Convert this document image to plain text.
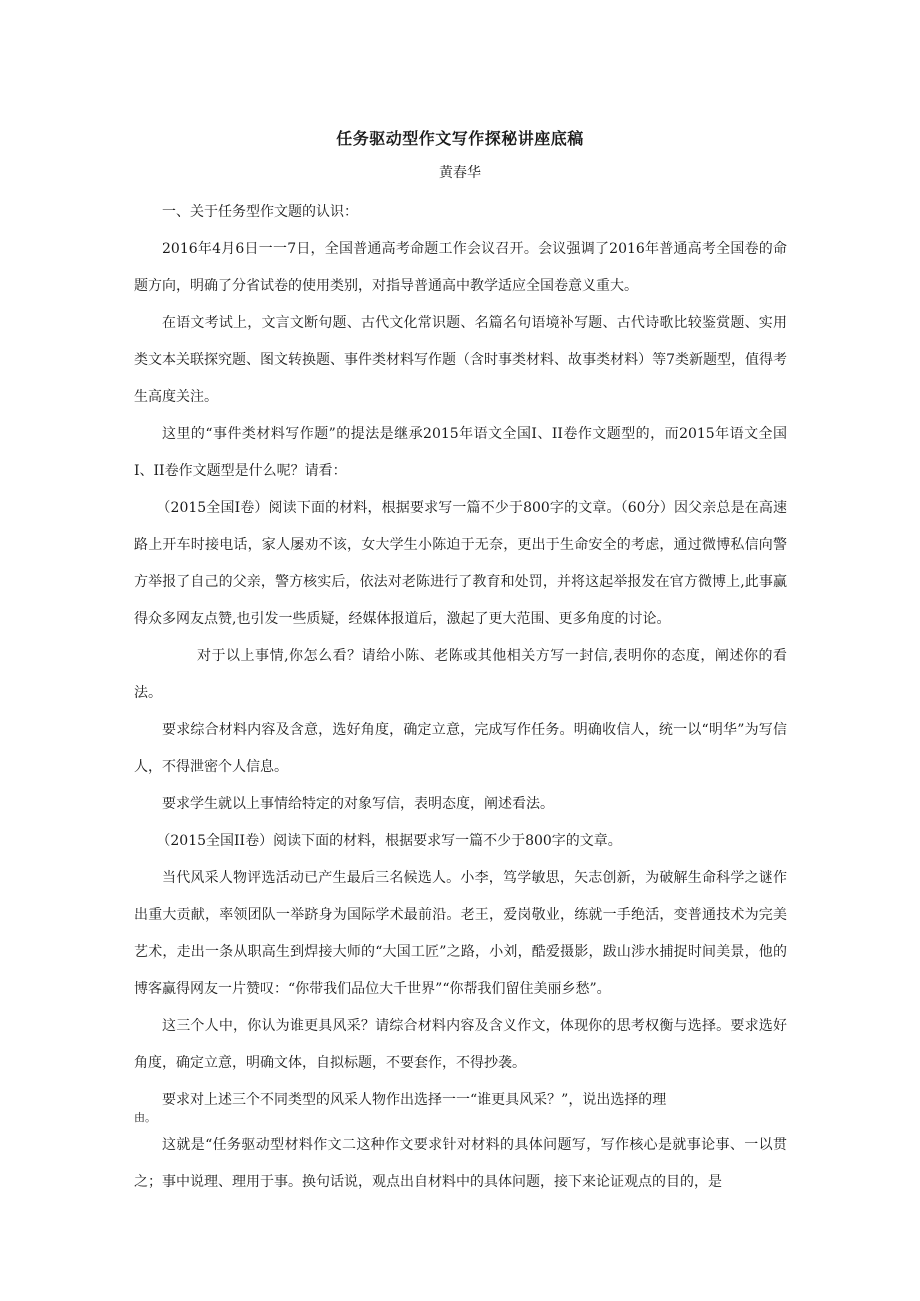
任务驱动型作文写作探秘讲座底稿
黄春华

一、关于任务型作文题的认识：

2016年4月6日一一7日，全国普通高考命题工作会议召开。会议强调了2016年普通高考全国卷的命题方向，明确了分省试卷的使用类别，对指导普通高中教学适应全国卷意义重大。

在语文考试上，文言文断句题、古代文化常识题、名篇名句语境补写题、古代诗歌比较鉴赏题、实用类文本关联探究题、图文转换题、事件类材料写作题（含时事类材料、故事类材料）等7类新题型，值得考生高度关注。

这里的“事件类材料写作题”的提法是继承2015年语文全国I、II卷作文题型的，而2015年语文全国I、II卷作文题型是什么呢？请看：

（2015全国I卷）阅读下面的材料，根据要求写一篇不少于800字的文章。（60分）因父亲总是在高速路上开车时接电话，家人屡劝不该，女大学生小陈迫于无奈，更出于生命安全的考虑，通过微博私信向警方举报了自己的父亲，警方核实后，依法对老陈进行了教育和处罚，并将这起举报发在官方微博上,此事赢得众多网友点赞,也引发一些质疑，经媒体报道后，激起了更大范围、更多角度的讨论。

对于以上事情,你怎么看？请给小陈、老陈或其他相关方写一封信,表明你的态度，阐述你的看法。

要求综合材料内容及含意，选好角度，确定立意，完成写作任务。明确收信人，统一以“明华”为写信人，不得泄密个人信息。

要求学生就以上事情给特定的对象写信，表明态度，阐述看法。

（2015全国II卷）阅读下面的材料，根据要求写一篇不少于800字的文章。

当代风采人物评选活动已产生最后三名候选人。小李，笃学敏思，矢志创新，为破解生命科学之谜作出重大贡献，率领团队一举跻身为国际学术最前沿。老王，爱岗敬业，练就一手绝活，变普通技术为完美艺术，走出一条从职高生到焊接大师的“大国工匠”之路，小刘，酷爱摄影，跋山涉水捕捉时间美景，他的博客赢得网友一片赞叹：“你带我们品位大千世界”“你帮我们留住美丽乡愁”。

这三个人中，你认为谁更具风采？请综合材料内容及含义作文，体现你的思考权衡与选择。要求选好角度，确定立意，明确文体，自拟标题，不要套作，不得抄袭。

要求对上述三个不同类型的风采人物作出选择一一“谁更具风采？”，说出选择的理

由。

这就是“任务驱动型材料作文二这种作文要求针对材料的具体问题写，写作核心是就事论事、一以贯之；事中说理、理用于事。换句话说，观点出自材料中的具体问题，接下来论证观点的目的，是
